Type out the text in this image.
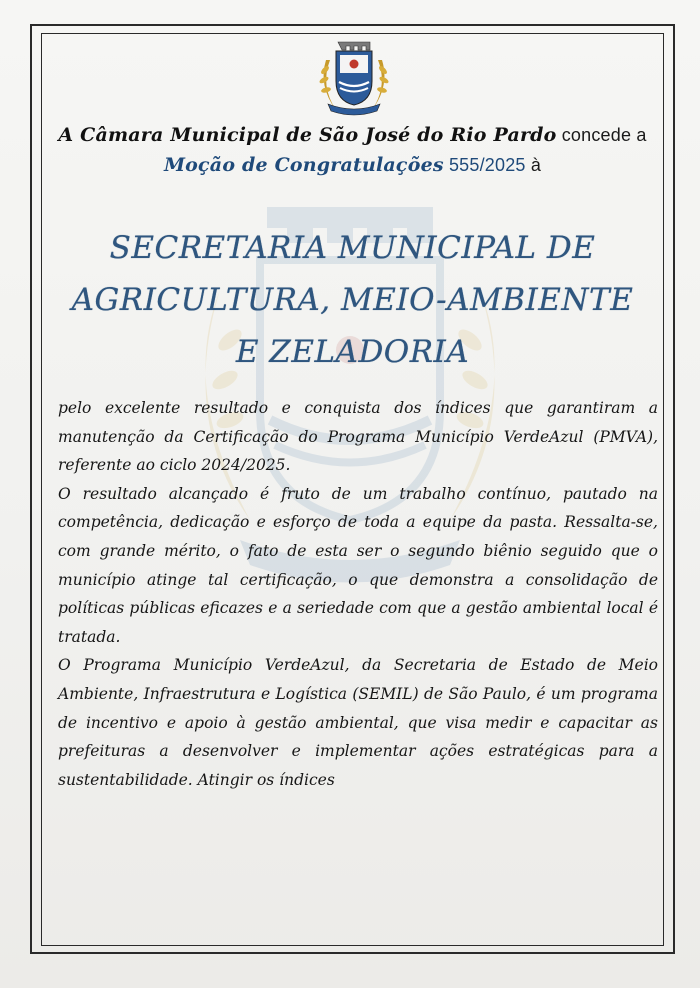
A Câmara Municipal de São José do Rio Pardo concede a
Moção de Congratulações 555/2025 à
SECRETARIA MUNICIPAL DE AGRICULTURA, MEIO-AMBIENTE E ZELADORIA

pelo excelente resultado e conquista dos índices que garantiram a manutenção da Certificação do Programa Município VerdeAzul (PMVA), referente ao ciclo 2024/2025.

O resultado alcançado é fruto de um trabalho contínuo, pautado na competência, dedicação e esforço de toda a equipe da pasta. Ressalta-se, com grande mérito, o fato de esta ser o segundo biênio seguido que o município atinge tal certificação, o que demonstra a consolidação de políticas públicas eficazes e a seriedade com que a gestão ambiental local é tratada.

O Programa Município VerdeAzul, da Secretaria de Estado de Meio Ambiente, Infraestrutura e Logística (SEMIL) de São Paulo, é um programa de incentivo e apoio à gestão ambiental, que visa medir e capacitar as prefeituras a desenvolver e implementar ações estratégicas para a sustentabilidade. Atingir os índices
